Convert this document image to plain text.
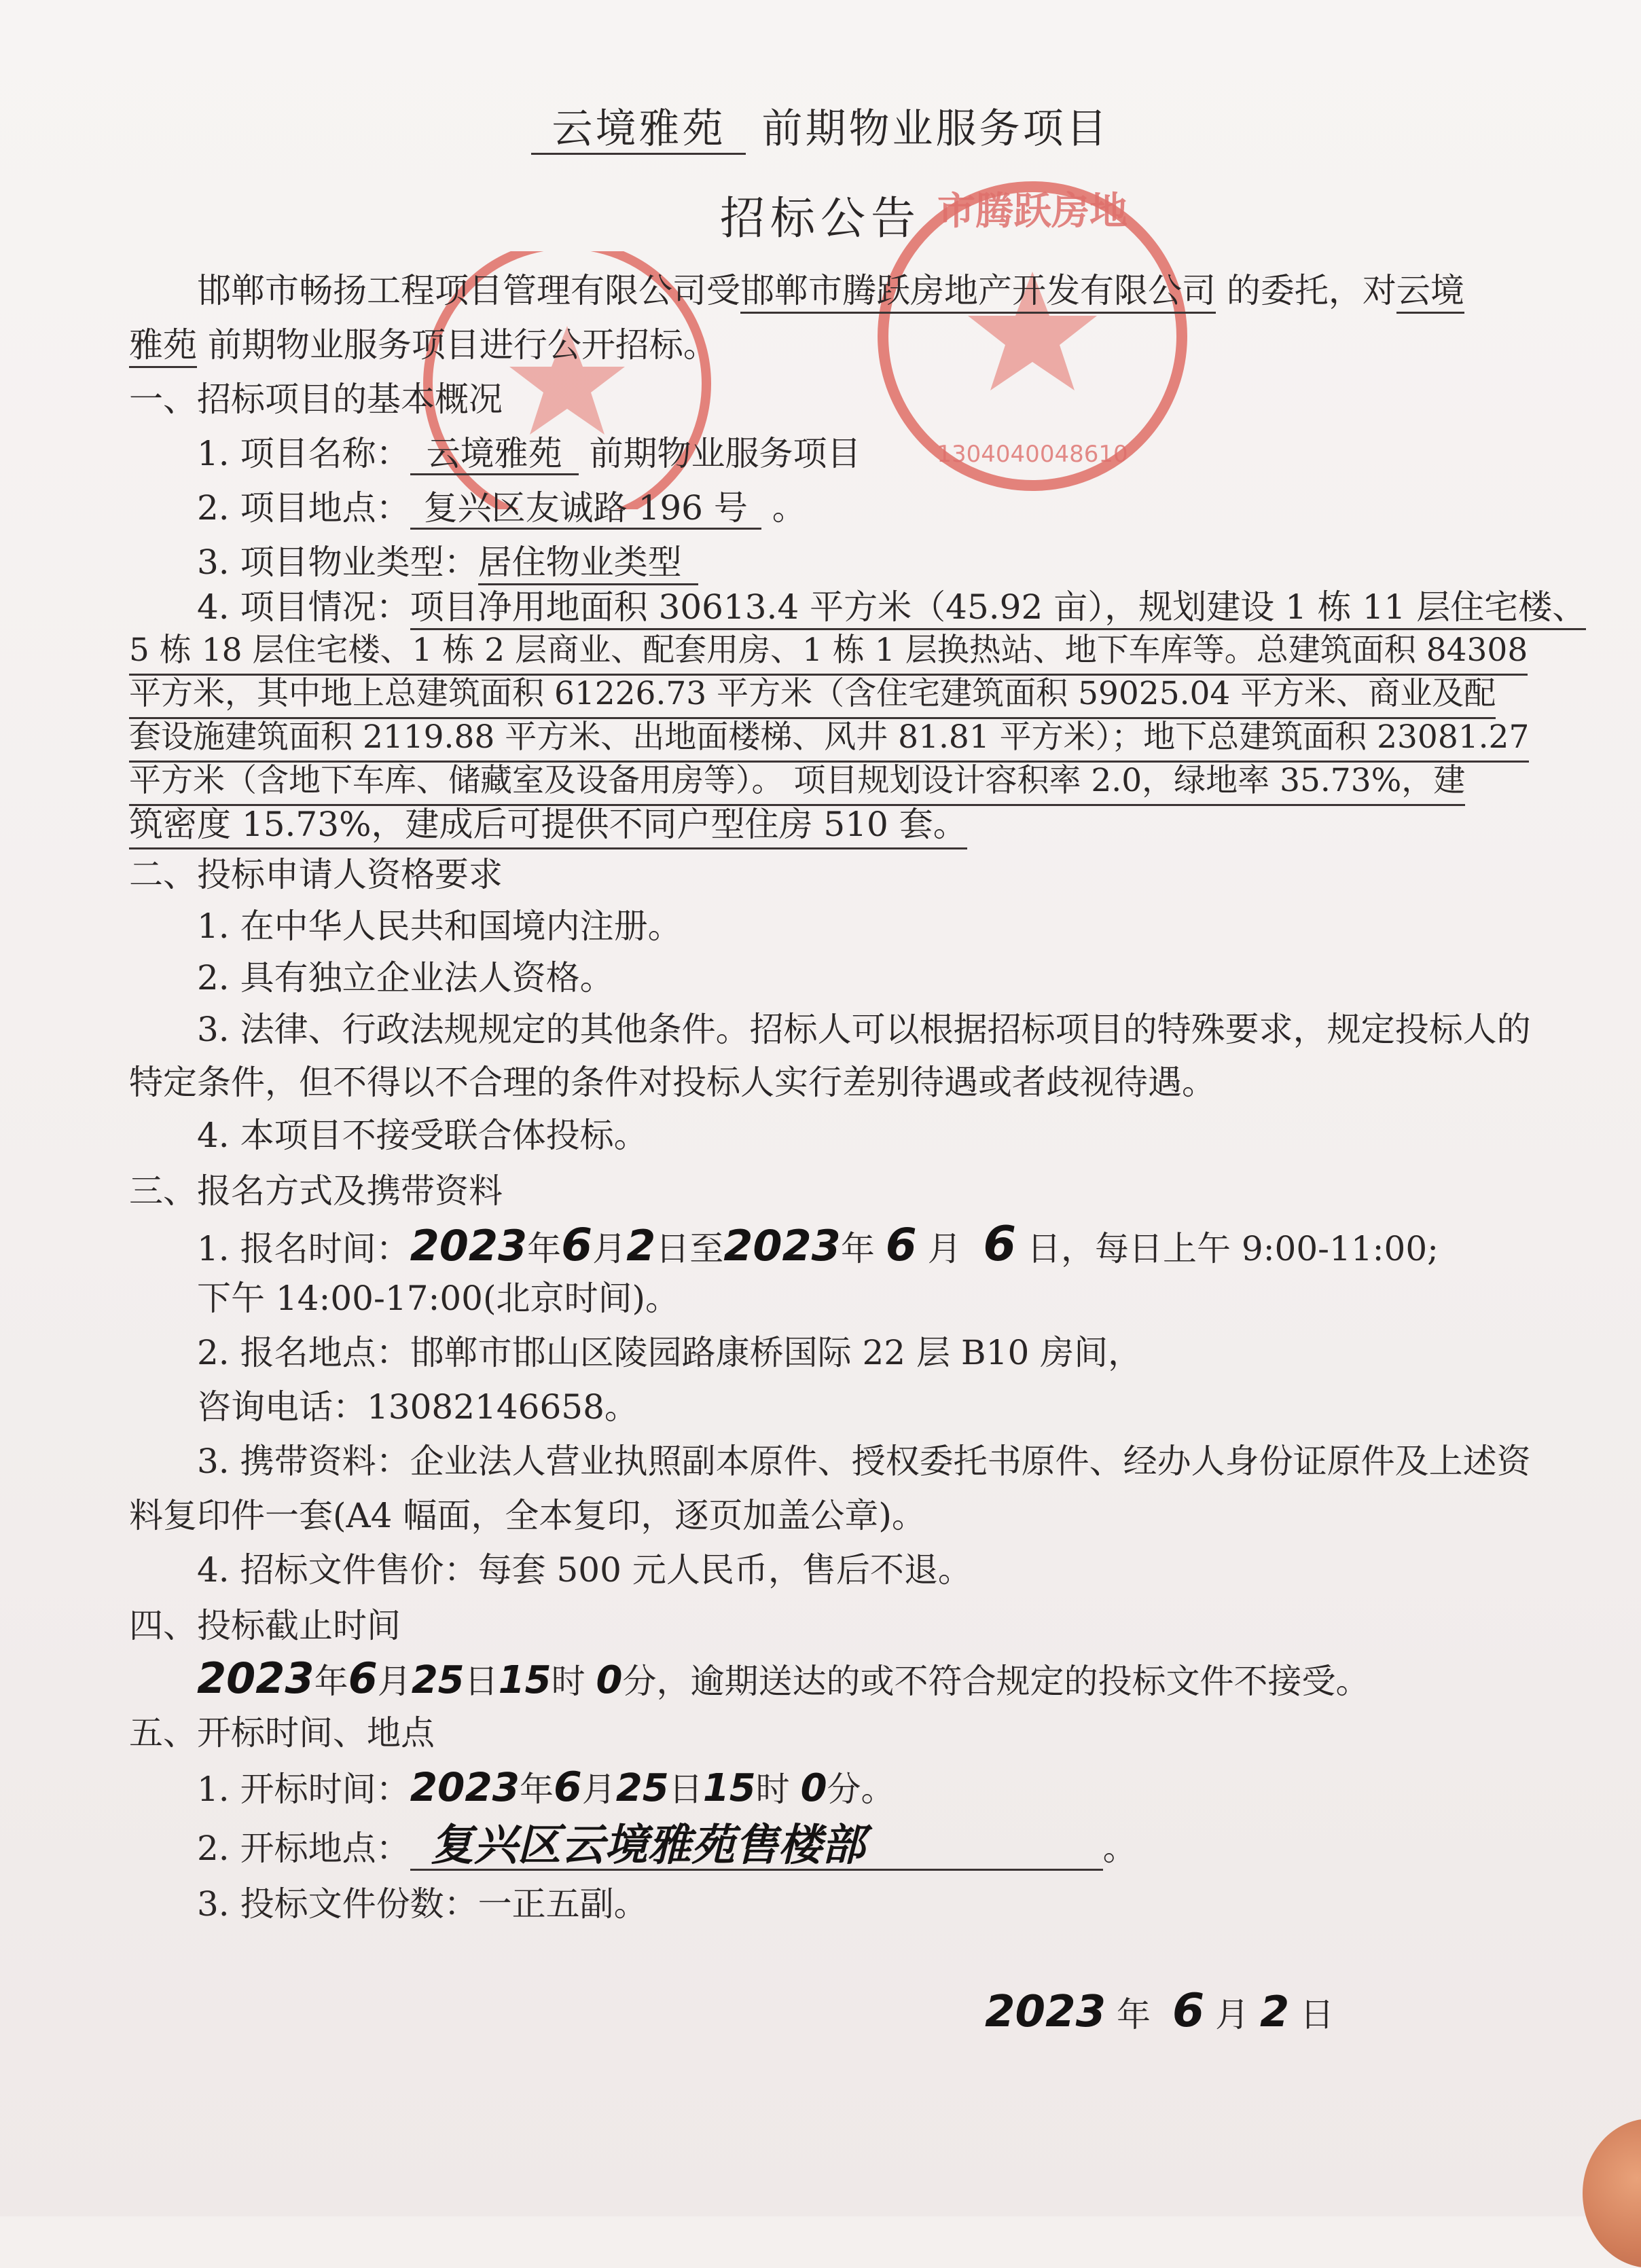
市腾跃房地
1304040048610
云境雅苑 前期物业服务项目
招标公告
邯郸市畅扬工程项目管理有限公司受邯郸市腾跃房地产开发有限公司 的委托，对云境
雅苑 前期物业服务项目进行公开招标。
一、招标项目的基本概况
1. 项目名称： 云境雅苑 前期物业服务项目
2. 项目地点： 复兴区友诚路 196 号 。
3. 项目物业类型：居住物业类型
4. 项目情况：项目净用地面积 30613.4 平方米（45.92 亩），规划建设 1 栋 11 层住宅楼、
5 栋 18 层住宅楼、1 栋 2 层商业、配套用房、1 栋 1 层换热站、地下车库等。总建筑面积 84308
平方米，其中地上总建筑面积 61226.73 平方米（含住宅建筑面积 59025.04 平方米、商业及配
套设施建筑面积 2119.88 平方米、出地面楼梯、风井 81.81 平方米）；地下总建筑面积 23081.27
平方米（含地下车库、储藏室及设备用房等）。 项目规划设计容积率 2.0，绿地率 35.73%，建
筑密度 15.73%，建成后可提供不同户型住房 510 套。
二、投标申请人资格要求
1. 在中华人民共和国境内注册。
2. 具有独立企业法人资格。
3. 法律、行政法规规定的其他条件。招标人可以根据招标项目的特殊要求，规定投标人的
特定条件，但不得以不合理的条件对投标人实行差别待遇或者歧视待遇。
4. 本项目不接受联合体投标。
三、报名方式及携带资料
1. 报名时间：2023年6月2日至2023年 6 月 6 日，每日上午 9:00-11:00;
下午 14:00-17:00(北京时间)。
2. 报名地点：邯郸市邯山区陵园路康桥国际 22 层 B10 房间，
咨询电话：13082146658。
3. 携带资料：企业法人营业执照副本原件、授权委托书原件、经办人身份证原件及上述资
料复印件一套(A4 幅面，全本复印，逐页加盖公章)。
4. 招标文件售价：每套 500 元人民币，售后不退。
四、投标截止时间
2023年6月25日15时 0分，逾期送达的或不符合规定的投标文件不接受。
五、开标时间、地点
1. 开标时间：2023年6月25日15时 0分。
2. 开标地点： 复兴区云境雅苑售楼部	。
3. 投标文件份数：一正五副。
2023 年 6 月 2 日
